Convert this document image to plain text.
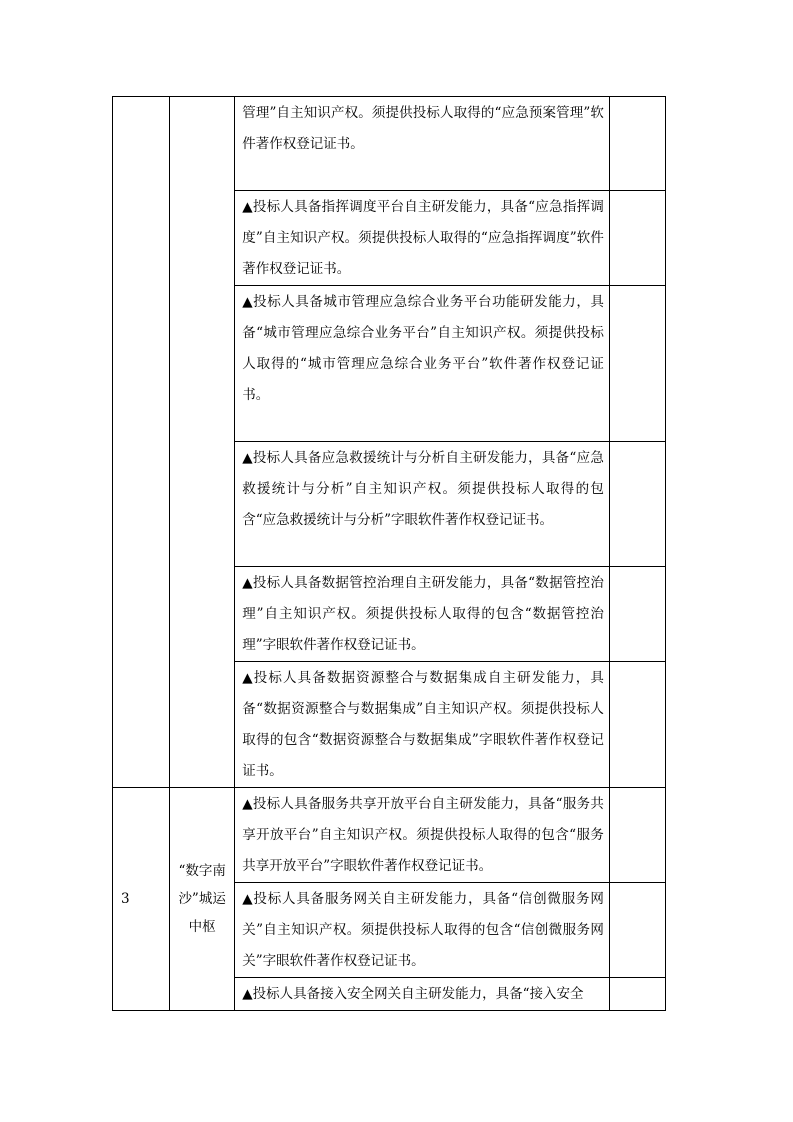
		管理”自主知识产权。须提供投标人取得的“应急预案管理”软件著作权登记证书。	
		▲投标人具备指挥调度平台自主研发能力，具备“应急指挥调度”自主知识产权。须提供投标人取得的“应急指挥调度”软件著作权登记证书。	
		▲投标人具备城市管理应急综合业务平台功能研发能力，具备“城市管理应急综合业务平台”自主知识产权。须提供投标人取得的“城市管理应急综合业务平台”软件著作权登记证书。	
		▲投标人具备应急救援统计与分析自主研发能力，具备“应急救援统计与分析”自主知识产权。须提供投标人取得的包含“应急救援统计与分析”字眼软件著作权登记证书。	
		▲投标人具备数据管控治理自主研发能力，具备“数据管控治理”自主知识产权。须提供投标人取得的包含“数据管控治理”字眼软件著作权登记证书。	
		▲投标人具备数据资源整合与数据集成自主研发能力，具备“数据资源整合与数据集成”自主知识产权。须提供投标人取得的包含“数据资源整合与数据集成”字眼软件著作权登记证书。	
3	“数字南沙”城运中枢	▲投标人具备服务共享开放平台自主研发能力，具备“服务共享开放平台”自主知识产权。须提供投标人取得的包含“服务共享开放平台”字眼软件著作权登记证书。	
		▲投标人具备服务网关自主研发能力，具备“信创微服务网关”自主知识产权。须提供投标人取得的包含“信创微服务网关”字眼软件著作权登记证书。	
		▲投标人具备接入安全网关自主研发能力，具备“接入安全	
